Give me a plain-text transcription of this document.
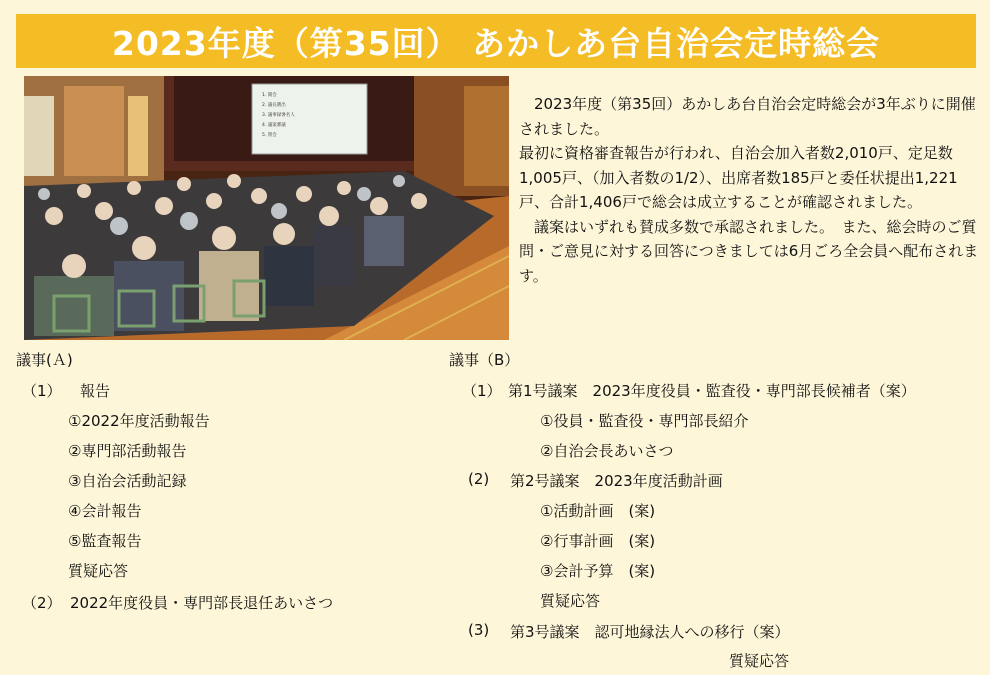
2023年度（第35回） あかしあ台自治会定時総会
1. 開会
2. 議長選出
3. 議事録署名人
4. 議案審議
5. 閉会

2023年度（第35回）あかしあ台自治会定時総会が3年ぶりに開催されました。

最初に資格審査報告が行われ、自治会加入者数2,010戸、定足数1,005戸、（加入者数の1/2）、出席者数185戸と委任状提出1,221戸、合計1,406戸で総会は成立することが確認されました。

議案はいずれも賛成多数で承認されました。　また、総会時のご質問・ご意見に対する回答につきましては6月ごろ全会員へ配布されます。

議事(Ａ)
（1） 報告
①2022年度活動報告
②専門部活動報告
③自治会活動記録
④会計報告
⑤監査報告
質疑応答
（2） 2022年度役員・専門部長退任あいさつ
議事（B）
（1） 第1号議案　2023年度役員・監査役・専門部長候補者（案）
①役員・監査役・専門部長紹介
②自治会長あいさつ
(2) 第2号議案　2023年度活動計画
①活動計画　(案)
②行事計画　(案)
③会計予算　(案)
質疑応答
(3) 第3号議案　認可地縁法人への移行（案）
質疑応答
